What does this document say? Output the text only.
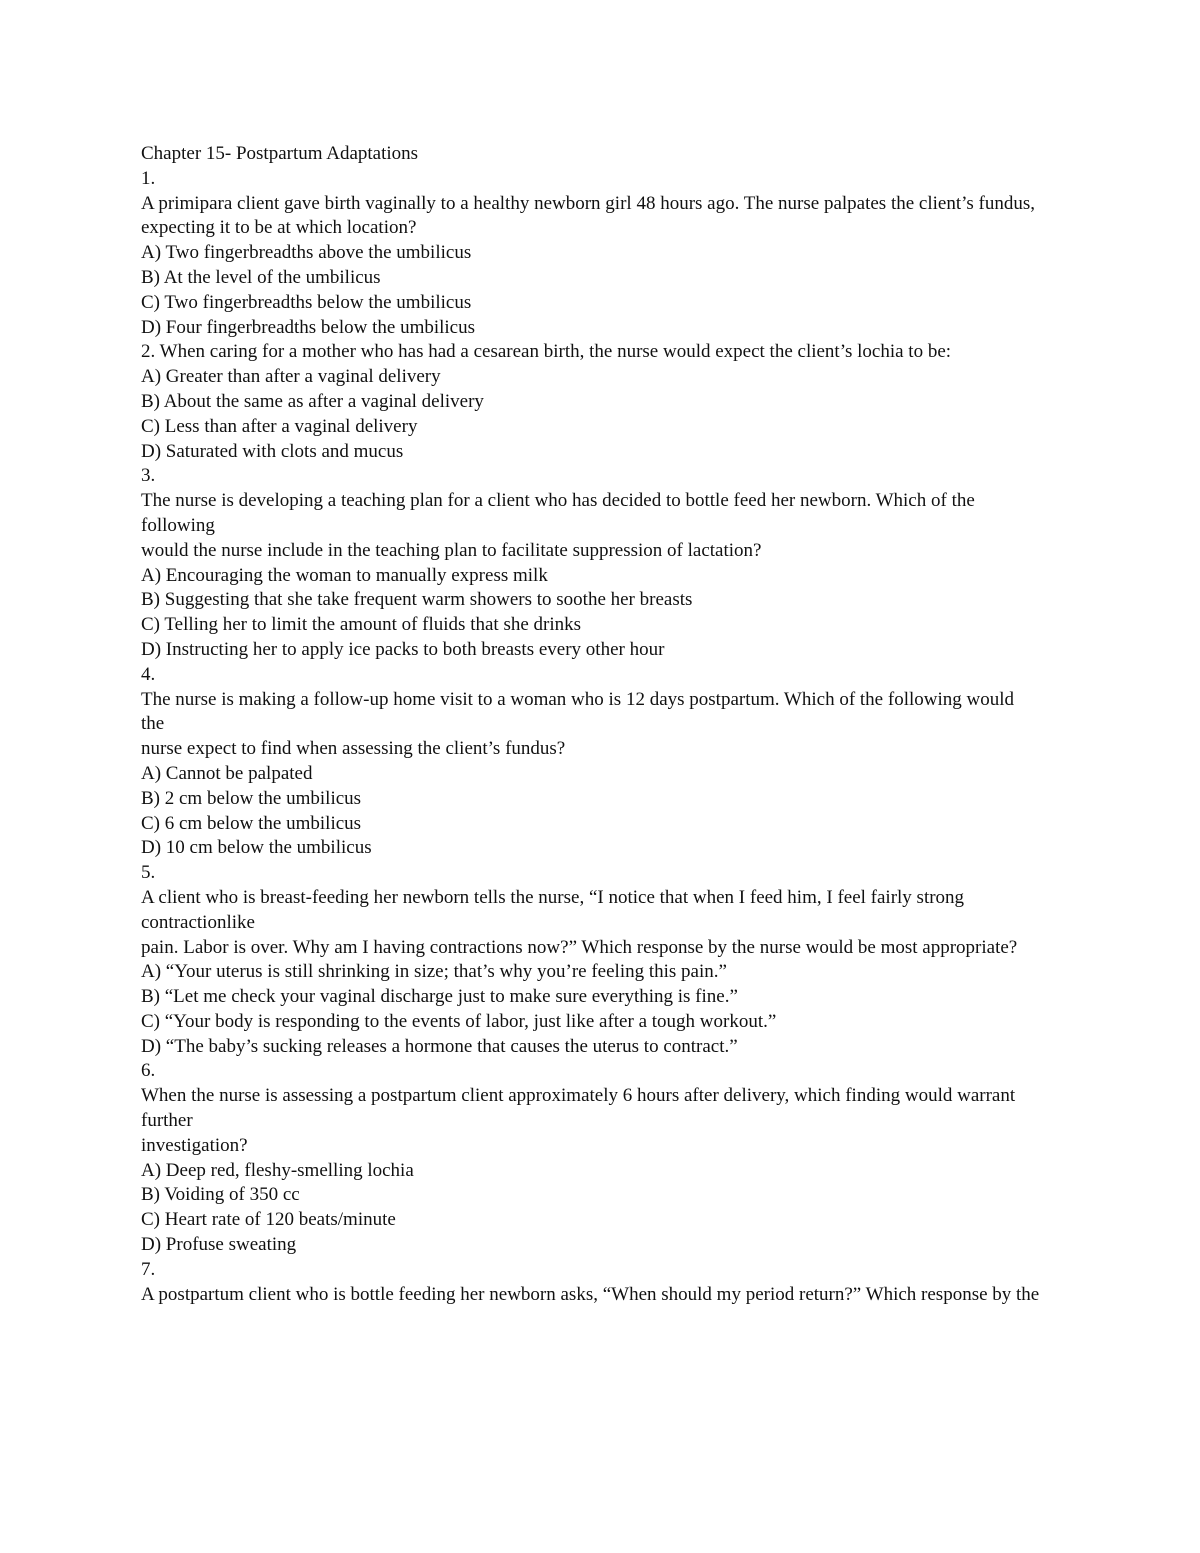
Chapter 15- Postpartum Adaptations
1.
A primipara client gave birth vaginally to a healthy newborn girl 48 hours ago. The nurse palpates the client’s fundus,
expecting it to be at which location?
A) Two fingerbreadths above the umbilicus
B) At the level of the umbilicus
C) Two fingerbreadths below the umbilicus
D) Four fingerbreadths below the umbilicus
2. When caring for a mother who has had a cesarean birth, the nurse would expect the client’s lochia to be:
A) Greater than after a vaginal delivery
B) About the same as after a vaginal delivery
C) Less than after a vaginal delivery
D) Saturated with clots and mucus
3.
The nurse is developing a teaching plan for a client who has decided to bottle feed her newborn. Which of the following
would the nurse include in the teaching plan to facilitate suppression of lactation?
A) Encouraging the woman to manually express milk
B) Suggesting that she take frequent warm showers to soothe her breasts
C) Telling her to limit the amount of fluids that she drinks
D) Instructing her to apply ice packs to both breasts every other hour
4.
The nurse is making a follow-up home visit to a woman who is 12 days postpartum. Which of the following would the
nurse expect to find when assessing the client’s fundus?
A) Cannot be palpated
B) 2 cm below the umbilicus
C) 6 cm below the umbilicus
D) 10 cm below the umbilicus
5.
A client who is breast-feeding her newborn tells the nurse, “I notice that when I feed him, I feel fairly strong contractionlike
pain. Labor is over. Why am I having contractions now?” Which response by the nurse would be most appropriate?
A) “Your uterus is still shrinking in size; that’s why you’re feeling this pain.”
B) “Let me check your vaginal discharge just to make sure everything is fine.”
C) “Your body is responding to the events of labor, just like after a tough workout.”
D) “The baby’s sucking releases a hormone that causes the uterus to contract.”
6.
When the nurse is assessing a postpartum client approximately 6 hours after delivery, which finding would warrant further
investigation?
A) Deep red, fleshy-smelling lochia
B) Voiding of 350 cc
C) Heart rate of 120 beats/minute
D) Profuse sweating
7.
A postpartum client who is bottle feeding her newborn asks, “When should my period return?” Which response by the
